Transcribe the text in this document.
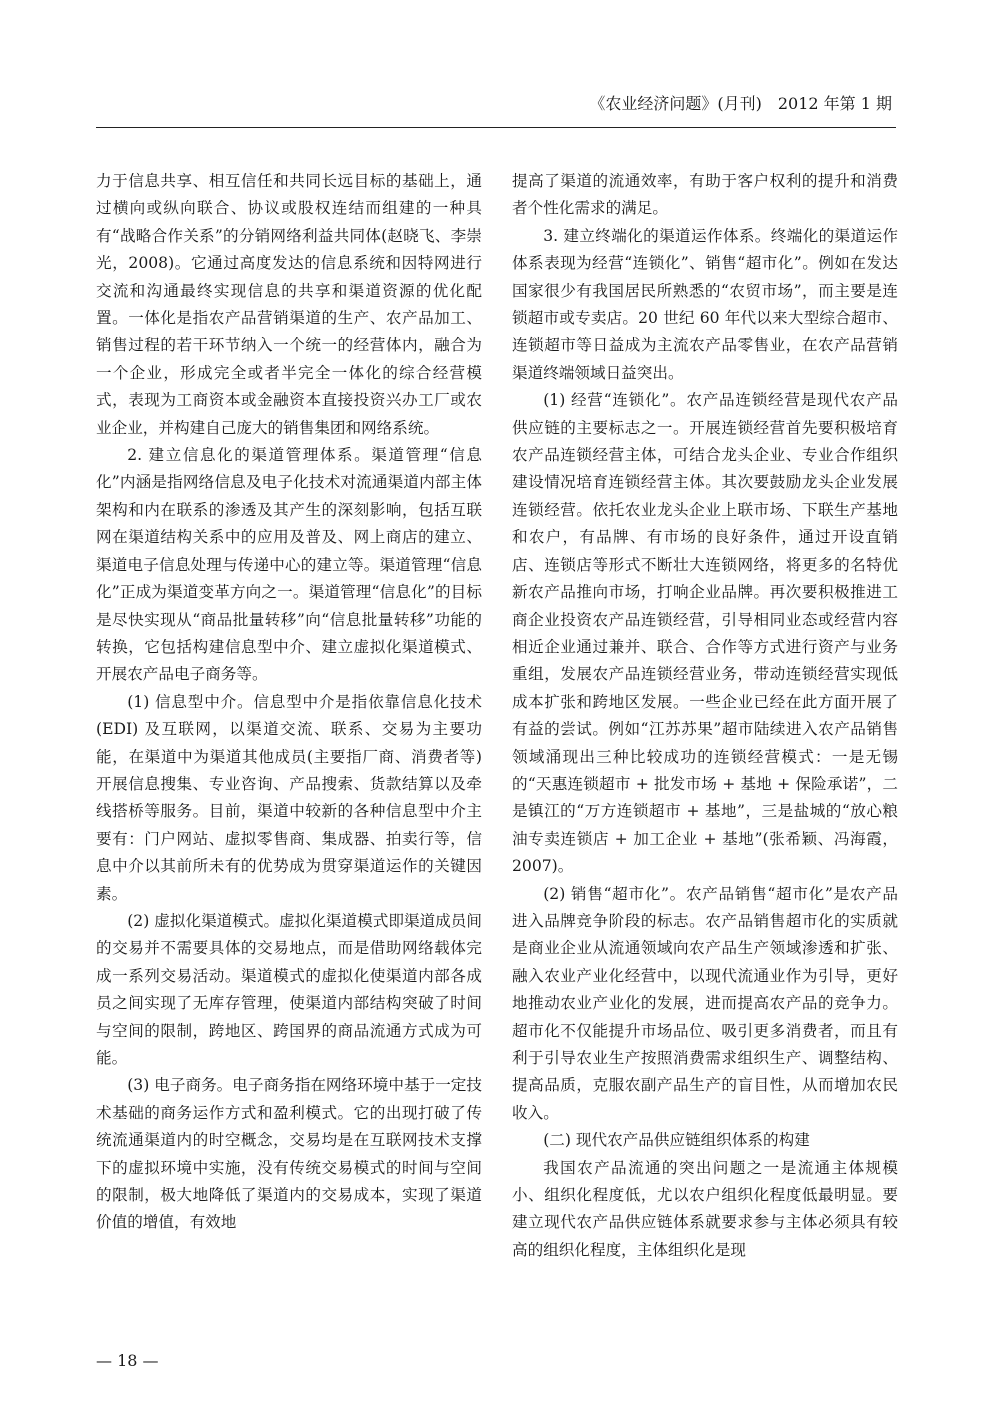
《农业经济问题》(月刊)　2012 年第 1 期

力于信息共享、相互信任和共同长远目标的基础上，通过横向或纵向联合、协议或股权连结而组建的一种具有“战略合作关系”的分销网络利益共同体(赵晓飞、李崇光，2008)。它通过高度发达的信息系统和因特网进行交流和沟通最终实现信息的共享和渠道资源的优化配置。一体化是指农产品营销渠道的生产、农产品加工、销售过程的若干环节纳入一个统一的经营体内，融合为一个企业，形成完全或者半完全一体化的综合经营模式，表现为工商资本或金融资本直接投资兴办工厂或农业企业，并构建自己庞大的销售集团和网络系统。

2. 建立信息化的渠道管理体系。渠道管理“信息化”内涵是指网络信息及电子化技术对流通渠道内部主体架构和内在联系的渗透及其产生的深刻影响，包括互联网在渠道结构关系中的应用及普及、网上商店的建立、渠道电子信息处理与传递中心的建立等。渠道管理“信息化”正成为渠道变革方向之一。渠道管理“信息化”的目标是尽快实现从“商品批量转移”向“信息批量转移”功能的转换，它包括构建信息型中介、建立虚拟化渠道模式、开展农产品电子商务等。

(1) 信息型中介。信息型中介是指依靠信息化技术(EDI) 及互联网，以渠道交流、联系、交易为主要功能，在渠道中为渠道其他成员(主要指厂商、消费者等) 开展信息搜集、专业咨询、产品搜索、货款结算以及牵线搭桥等服务。目前，渠道中较新的各种信息型中介主要有：门户网站、虚拟零售商、集成器、拍卖行等，信息中介以其前所未有的优势成为贯穿渠道运作的关键因素。

(2) 虚拟化渠道模式。虚拟化渠道模式即渠道成员间的交易并不需要具体的交易地点，而是借助网络载体完成一系列交易活动。渠道模式的虚拟化使渠道内部各成员之间实现了无库存管理，使渠道内部结构突破了时间与空间的限制，跨地区、跨国界的商品流通方式成为可能。

(3) 电子商务。电子商务指在网络环境中基于一定技术基础的商务运作方式和盈利模式。它的出现打破了传统流通渠道内的时空概念，交易均是在互联网技术支撑下的虚拟环境中实施，没有传统交易模式的时间与空间的限制，极大地降低了渠道内的交易成本，实现了渠道价值的增值，有效地

提高了渠道的流通效率，有助于客户权利的提升和消费者个性化需求的满足。

3. 建立终端化的渠道运作体系。终端化的渠道运作体系表现为经营“连锁化”、销售“超市化”。例如在发达国家很少有我国居民所熟悉的“农贸市场”，而主要是连锁超市或专卖店。20 世纪 60 年代以来大型综合超市、连锁超市等日益成为主流农产品零售业，在农产品营销渠道终端领域日益突出。

(1) 经营“连锁化”。农产品连锁经营是现代农产品供应链的主要标志之一。开展连锁经营首先要积极培育农产品连锁经营主体，可结合龙头企业、专业合作组织建设情况培育连锁经营主体。其次要鼓励龙头企业发展连锁经营。依托农业龙头企业上联市场、下联生产基地和农户，有品牌、有市场的良好条件，通过开设直销店、连锁店等形式不断壮大连锁网络，将更多的名特优新农产品推向市场，打响企业品牌。再次要积极推进工商企业投资农产品连锁经营，引导相同业态或经营内容相近企业通过兼并、联合、合作等方式进行资产与业务重组，发展农产品连锁经营业务，带动连锁经营实现低成本扩张和跨地区发展。一些企业已经在此方面开展了有益的尝试。例如“江苏苏果”超市陆续进入农产品销售领域涌现出三种比较成功的连锁经营模式：一是无锡的“天惠连锁超市 + 批发市场 + 基地 + 保险承诺”，二是镇江的“万方连锁超市 + 基地”，三是盐城的“放心粮油专卖连锁店 + 加工企业 + 基地”(张希颖、冯海霞，2007)。

(2) 销售“超市化”。农产品销售“超市化”是农产品进入品牌竞争阶段的标志。农产品销售超市化的实质就是商业企业从流通领域向农产品生产领域渗透和扩张、融入农业产业化经营中，以现代流通业作为引导，更好地推动农业产业化的发展，进而提高农产品的竞争力。超市化不仅能提升市场品位、吸引更多消费者，而且有利于引导农业生产按照消费需求组织生产、调整结构、提高品质，克服农副产品生产的盲目性，从而增加农民收入。

(二) 现代农产品供应链组织体系的构建

我国农产品流通的突出问题之一是流通主体规模小、组织化程度低，尤以农户组织化程度低最明显。要建立现代农产品供应链体系就要求参与主体必须具有较高的组织化程度，主体组织化是现

— 18 —
